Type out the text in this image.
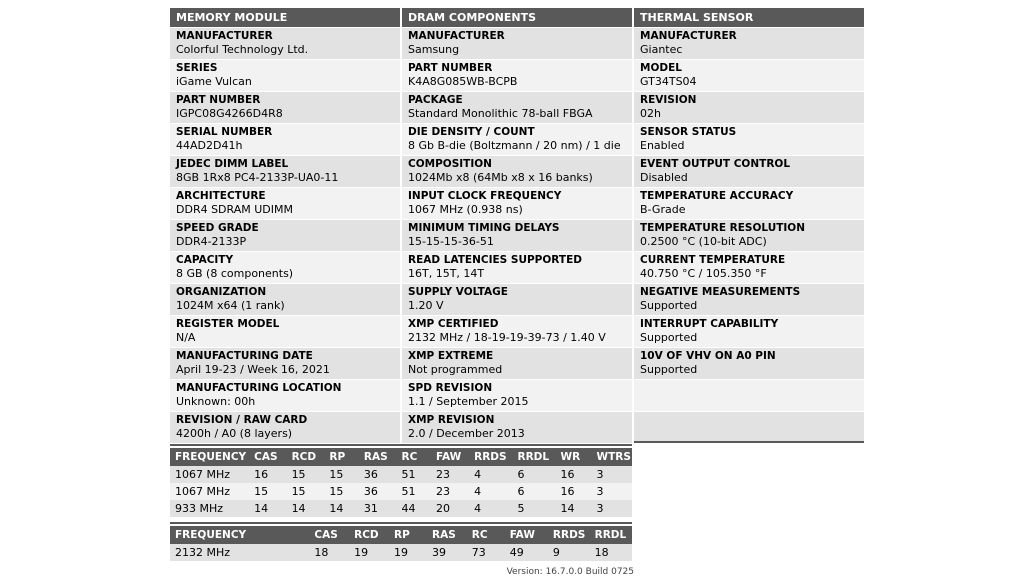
MEMORY MODULE	DRAM COMPONENTS	THERMAL SENSOR
MANUFACTURER
Colorful Technology Ltd.
SERIES
iGame Vulcan
PART NUMBER
IGPC08G4266D4R8
SERIAL NUMBER
44AD2D41h
JEDEC DIMM LABEL
8GB 1Rx8 PC4-2133P-UA0-11
ARCHITECTURE
DDR4 SDRAM UDIMM
SPEED GRADE
DDR4-2133P
CAPACITY
8 GB (8 components)
ORGANIZATION
1024M x64 (1 rank)
REGISTER MODEL
N/A
MANUFACTURING DATE
April 19-23 / Week 16, 2021
MANUFACTURING LOCATION
Unknown: 00h
REVISION / RAW CARD
4200h / A0 (8 layers)
MANUFACTURER
Samsung
PART NUMBER
K4A8G085WB-BCPB
PACKAGE
Standard Monolithic 78-ball FBGA
DIE DENSITY / COUNT
8 Gb B-die (Boltzmann / 20 nm) / 1 die
COMPOSITION
1024Mb x8 (64Mb x8 x 16 banks)
INPUT CLOCK FREQUENCY
1067 MHz (0.938 ns)
MINIMUM TIMING DELAYS
15-15-15-36-51
READ LATENCIES SUPPORTED
16T, 15T, 14T
SUPPLY VOLTAGE
1.20 V
XMP CERTIFIED
2132 MHz / 18-19-19-39-73 / 1.40 V
XMP EXTREME
Not programmed
SPD REVISION
1.1 / September 2015
XMP REVISION
2.0 / December 2013
MANUFACTURER
Giantec
MODEL
GT34TS04
REVISION
02h
SENSOR STATUS
Enabled
EVENT OUTPUT CONTROL
Disabled
TEMPERATURE ACCURACY
B-Grade
TEMPERATURE RESOLUTION
0.2500 °C (10-bit ADC)
CURRENT TEMPERATURE
40.750 °C / 105.350 °F
NEGATIVE MEASUREMENTS
Supported
INTERRUPT CAPABILITY
Supported
10V OF VHV ON A0 PIN
Supported
FREQUENCY	CAS	RCD	RP	RAS	RC	FAW	RRDS	RRDL	WR	WTRS
1067 MHz	16	15	15	36	51	23	4	6	16	3
1067 MHz	15	15	15	36	51	23	4	6	16	3
933 MHz	14	14	14	31	44	20	4	5	14	3
FREQUENCY	CAS	RCD	RP	RAS	RC	FAW	RRDS	RRDL
2132 MHz	18	19	19	39	73	49	9	18
Version: 16.7.0.0 Build 0725
